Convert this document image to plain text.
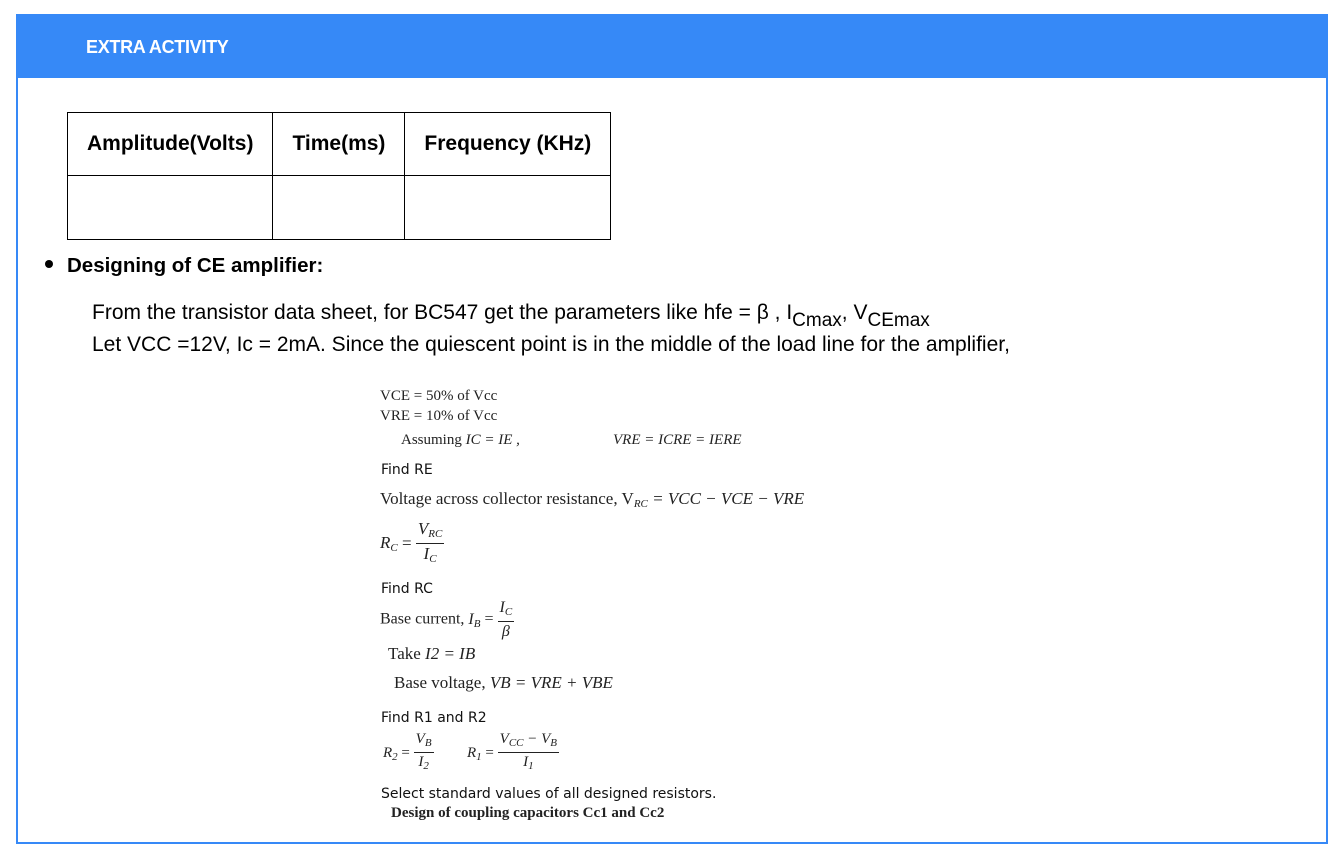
EXTRA ACTIVITY
Amplitude(Volts)	Time(ms)	Frequency (KHz)

Designing of CE amplifier:
From the transistor data sheet, for BC547 get the parameters like hfe = β , $I_{Cmax}$, $V_{CEmax}$
Let VCC =12V, Ic = 2mA. Since the quiescent point is in the middle of the load line for the amplifier,
VCE = 50% of Vcc
VRE = 10% of Vcc
Assuming IC = IE ,	VRE = ICRE = IERE
Find RE
Voltage across collector resistance, $V_{RC}$ = VCC − VCE − VRE
$R_C = \frac{V_{RC}}{I_C}$
Find RC
Base current, $I_B = \frac{I_C}{\beta}$
Take I2 = IB
Base voltage, VB = VRE + VBE
Find R1 and R2
$R_2 = \frac{V_B}{I_2} R_1 = \frac{V_{CC} - V_B}{I_1}$
Select standard values of all designed resistors.
Design of coupling capacitors Cc1 and Cc2
